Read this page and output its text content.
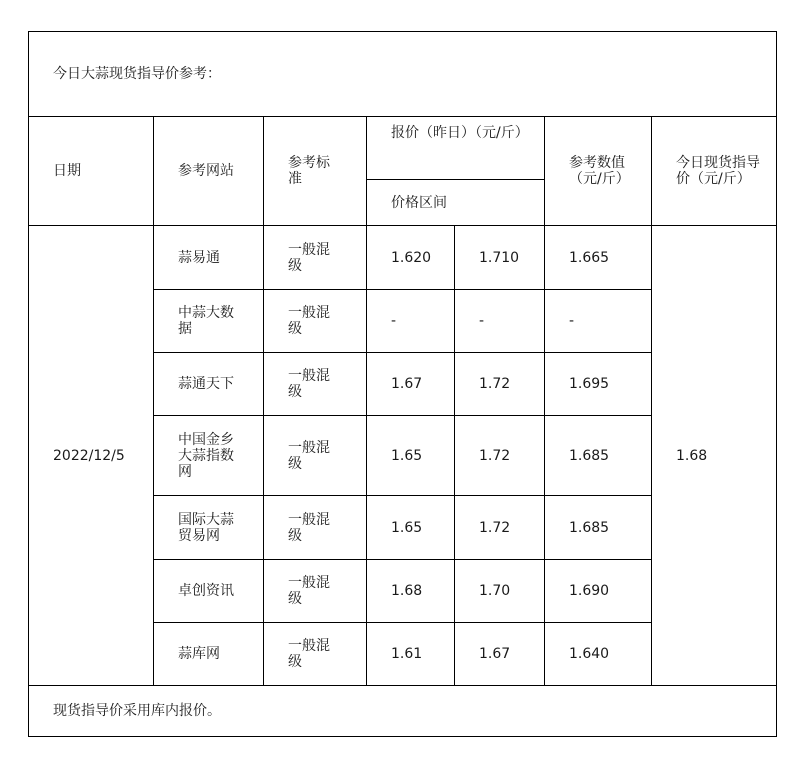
今日大蒜现货指导价参考：						
日期	参考网站	参考标准	报价（昨日）（元/斤）		参考数值（元/斤）	今日现货指导价（元/斤）
			价格区间			
2022/12/5	蒜易通	一般混级	1.620	1.710	1.665	1.68
	中蒜大数据	一般混级	-	-	-	
	蒜通天下	一般混级	1.67	1.72	1.695	
	中国金乡大蒜指数网	一般混级	1.65	1.72	1.685	
	国际大蒜贸易网	一般混级	1.65	1.72	1.685	
	卓创资讯	一般混级	1.68	1.70	1.690	
	蒜库网	一般混级	1.61	1.67	1.640	
现货指导价采用库内报价。						
